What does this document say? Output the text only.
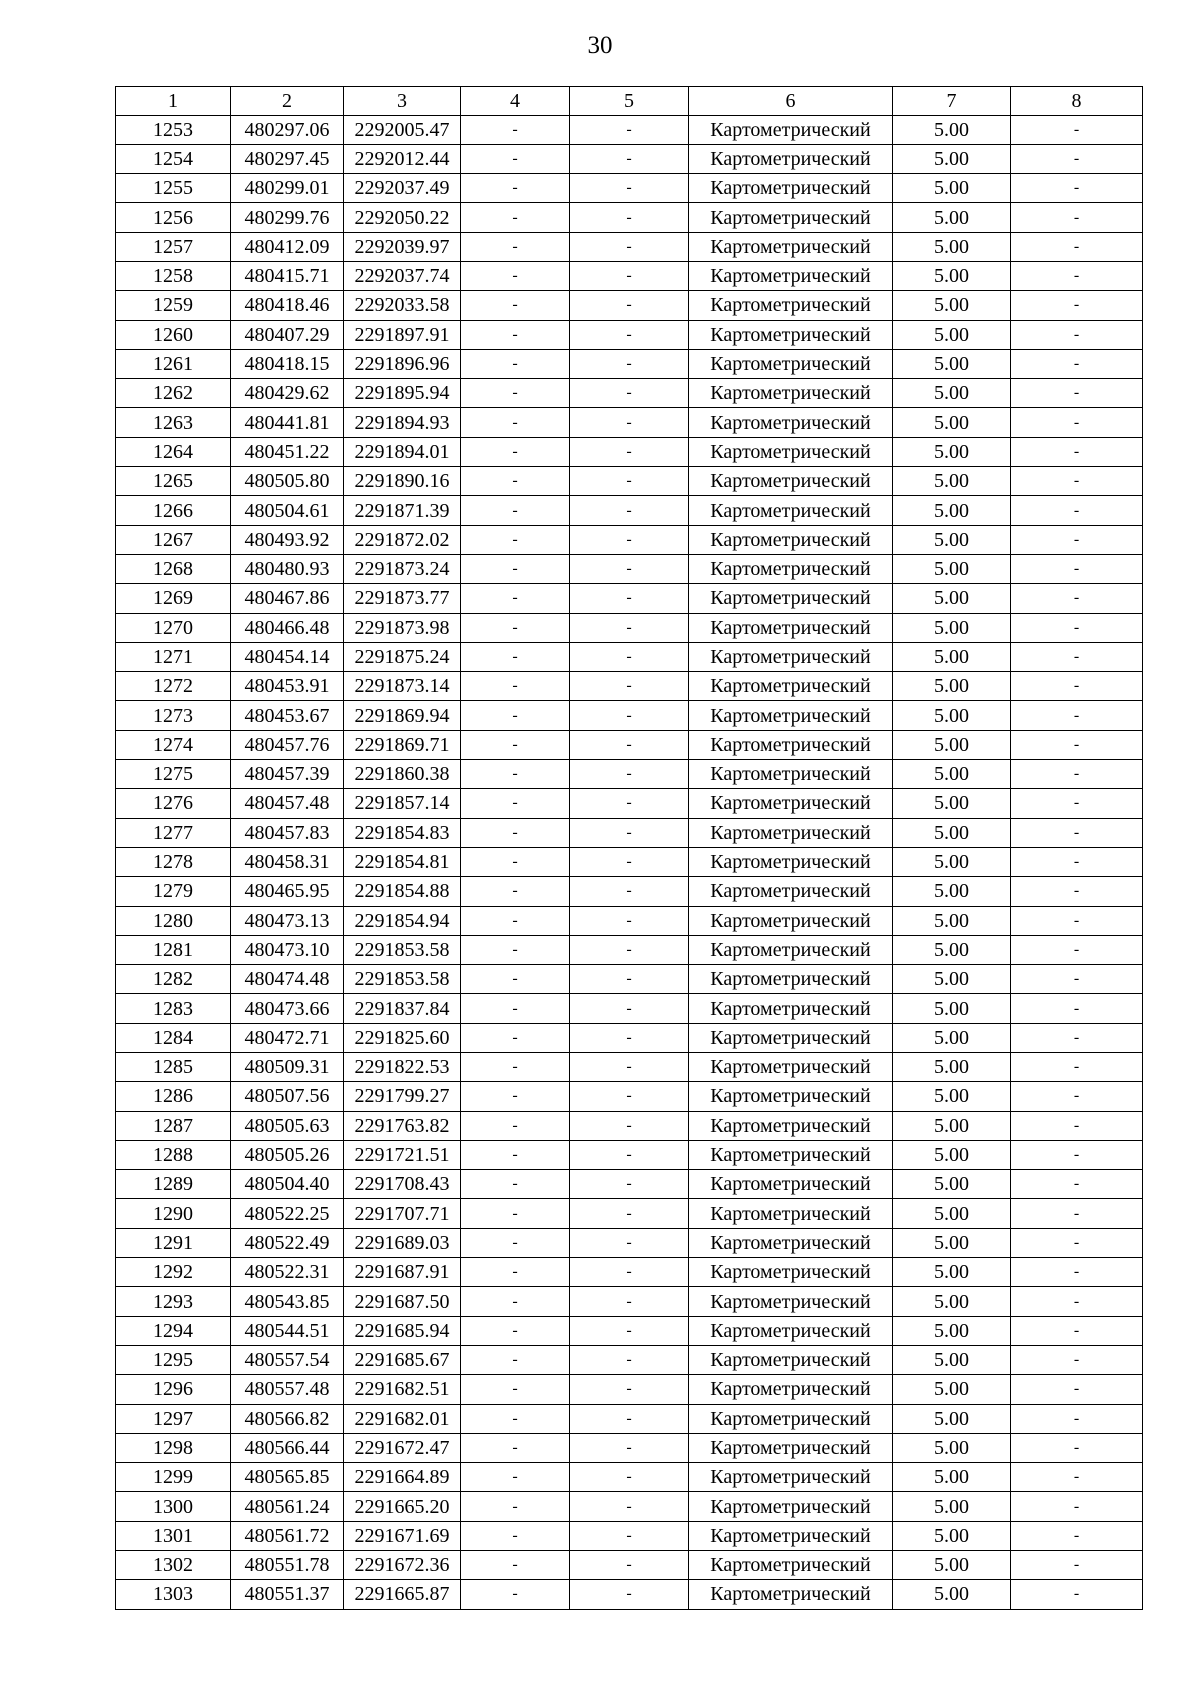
30
1	2	3	4	5	6	7	8
1253	480297.06	2292005.47	-	-	Картометрический	5.00	-
1254	480297.45	2292012.44	-	-	Картометрический	5.00	-
1255	480299.01	2292037.49	-	-	Картометрический	5.00	-
1256	480299.76	2292050.22	-	-	Картометрический	5.00	-
1257	480412.09	2292039.97	-	-	Картометрический	5.00	-
1258	480415.71	2292037.74	-	-	Картометрический	5.00	-
1259	480418.46	2292033.58	-	-	Картометрический	5.00	-
1260	480407.29	2291897.91	-	-	Картометрический	5.00	-
1261	480418.15	2291896.96	-	-	Картометрический	5.00	-
1262	480429.62	2291895.94	-	-	Картометрический	5.00	-
1263	480441.81	2291894.93	-	-	Картометрический	5.00	-
1264	480451.22	2291894.01	-	-	Картометрический	5.00	-
1265	480505.80	2291890.16	-	-	Картометрический	5.00	-
1266	480504.61	2291871.39	-	-	Картометрический	5.00	-
1267	480493.92	2291872.02	-	-	Картометрический	5.00	-
1268	480480.93	2291873.24	-	-	Картометрический	5.00	-
1269	480467.86	2291873.77	-	-	Картометрический	5.00	-
1270	480466.48	2291873.98	-	-	Картометрический	5.00	-
1271	480454.14	2291875.24	-	-	Картометрический	5.00	-
1272	480453.91	2291873.14	-	-	Картометрический	5.00	-
1273	480453.67	2291869.94	-	-	Картометрический	5.00	-
1274	480457.76	2291869.71	-	-	Картометрический	5.00	-
1275	480457.39	2291860.38	-	-	Картометрический	5.00	-
1276	480457.48	2291857.14	-	-	Картометрический	5.00	-
1277	480457.83	2291854.83	-	-	Картометрический	5.00	-
1278	480458.31	2291854.81	-	-	Картометрический	5.00	-
1279	480465.95	2291854.88	-	-	Картометрический	5.00	-
1280	480473.13	2291854.94	-	-	Картометрический	5.00	-
1281	480473.10	2291853.58	-	-	Картометрический	5.00	-
1282	480474.48	2291853.58	-	-	Картометрический	5.00	-
1283	480473.66	2291837.84	-	-	Картометрический	5.00	-
1284	480472.71	2291825.60	-	-	Картометрический	5.00	-
1285	480509.31	2291822.53	-	-	Картометрический	5.00	-
1286	480507.56	2291799.27	-	-	Картометрический	5.00	-
1287	480505.63	2291763.82	-	-	Картометрический	5.00	-
1288	480505.26	2291721.51	-	-	Картометрический	5.00	-
1289	480504.40	2291708.43	-	-	Картометрический	5.00	-
1290	480522.25	2291707.71	-	-	Картометрический	5.00	-
1291	480522.49	2291689.03	-	-	Картометрический	5.00	-
1292	480522.31	2291687.91	-	-	Картометрический	5.00	-
1293	480543.85	2291687.50	-	-	Картометрический	5.00	-
1294	480544.51	2291685.94	-	-	Картометрический	5.00	-
1295	480557.54	2291685.67	-	-	Картометрический	5.00	-
1296	480557.48	2291682.51	-	-	Картометрический	5.00	-
1297	480566.82	2291682.01	-	-	Картометрический	5.00	-
1298	480566.44	2291672.47	-	-	Картометрический	5.00	-
1299	480565.85	2291664.89	-	-	Картометрический	5.00	-
1300	480561.24	2291665.20	-	-	Картометрический	5.00	-
1301	480561.72	2291671.69	-	-	Картометрический	5.00	-
1302	480551.78	2291672.36	-	-	Картометрический	5.00	-
1303	480551.37	2291665.87	-	-	Картометрический	5.00	-
